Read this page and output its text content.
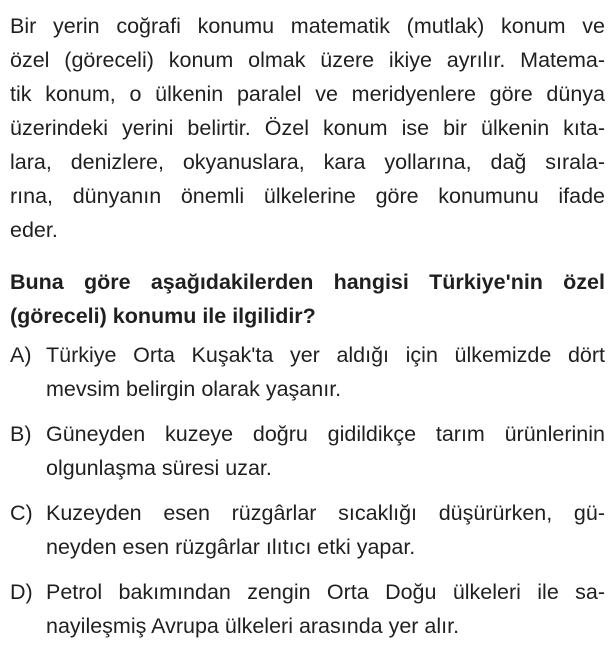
Bir yerin coğrafi konumu matematik (mutlak) konum ve

özel (göreceli) konum olmak üzere ikiye ayrılır. Matema-

tik konum, o ülkenin paralel ve meridyenlere göre dünya

üzerindeki yerini belirtir. Özel konum ise bir ülkenin kıta-

lara, denizlere, okyanuslara, kara yollarına, dağ sırala-

rına, dünyanın önemli ülkelerine göre konumunu ifade

eder.

Buna göre aşağıdakilerden hangisi Türkiye'nin özel

(göreceli) konumu ile ilgilidir?

A) Türkiye Orta Kuşak'ta yer aldığı için ülkemizde dört

mevsim belirgin olarak yaşanır.

B) Güneyden kuzeye doğru gidildikçe tarım ürünlerinin

olgunlaşma süresi uzar.

C) Kuzeyden esen rüzgârlar sıcaklığı düşürürken, gü-

neyden esen rüzgârlar ılıtıcı etki yapar.

D) Petrol bakımından zengin Orta Doğu ülkeleri ile sa-

nayileşmiş Avrupa ülkeleri arasında yer alır.
